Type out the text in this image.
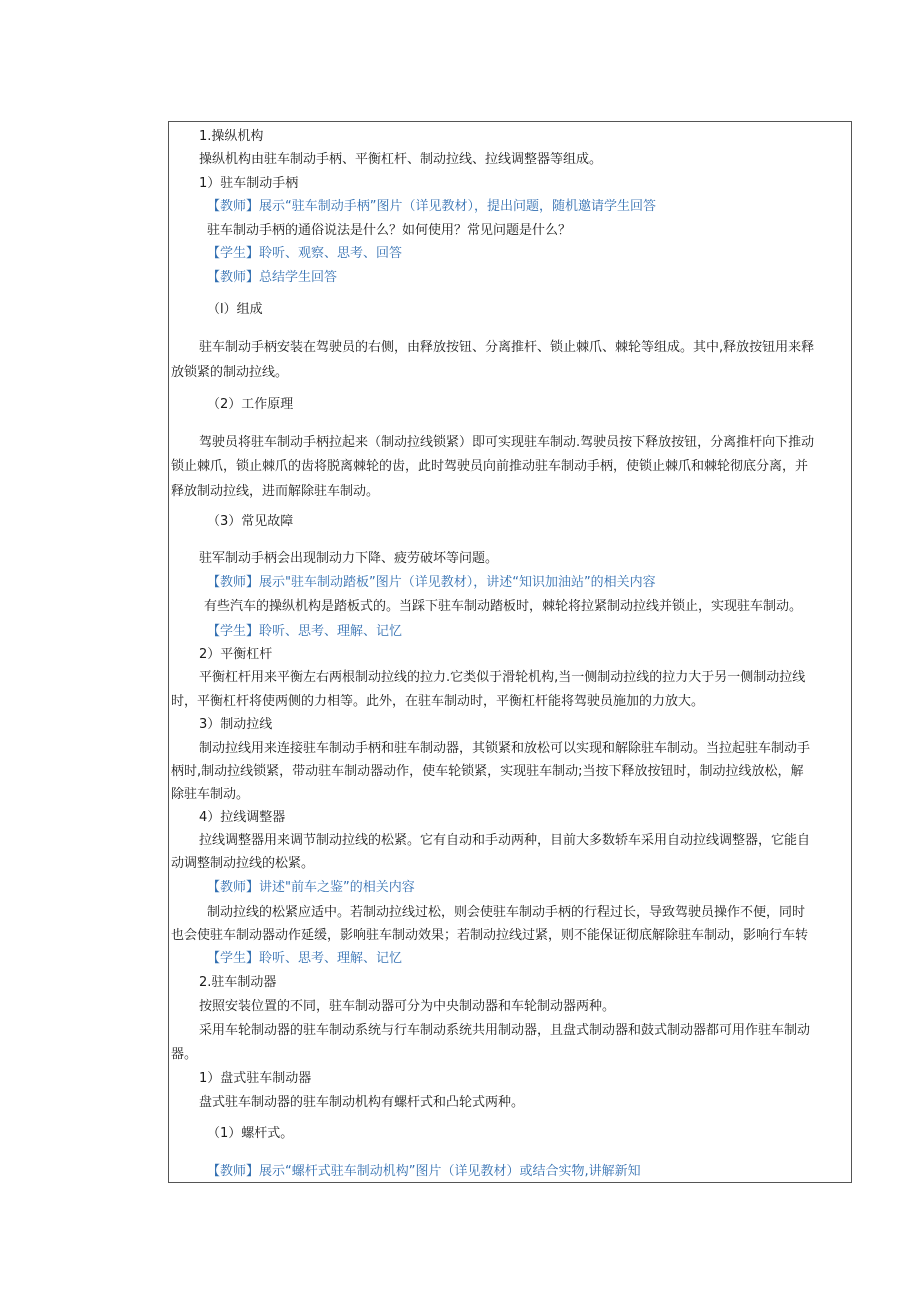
1.操纵机构
操纵机构由驻车制动手柄、平衡杠杆、制动拉线、拉线调整器等组成。
1）驻车制动手柄
【教师】展示“驻车制动手柄”图片（详见教材），提出问题，随机邀请学生回答
驻车制动手柄的通俗说法是什么？如何使用？常见问题是什么？
【学生】聆听、观察、思考、回答
【教师】总结学生回答
（l）组成
驻车制动手柄安装在驾驶员的右侧，由释放按钮、分离推杆、锁止棘爪、棘轮等组成。其中,释放按钮用来释
放锁紧的制动拉线。
（2）工作原理
驾驶员将驻车制动手柄拉起来（制动拉线锁紧）即可实现驻车制动.驾驶员按下释放按钮，分离推杆向下推动
锁止棘爪，锁止棘爪的齿将脱离棘轮的齿，此时驾驶员向前推动驻车制动手柄，使锁止棘爪和棘轮彻底分离，并
释放制动拉线，进而解除驻车制动。
（3）常见故障
驻军制动手柄会出现制动力下降、疲劳破坏等问题。
【教师】展示"驻车制动踏板”图片（详见教材），讲述“知识加油站”的相关内容
有些汽车的操纵机构是踏板式的。当踩下驻车制动踏板时，棘轮将拉紧制动拉线并锁止，实现驻车制动。
【学生】聆听、思考、理解、记忆
2）平衡杠杆
平衡杠杆用来平衡左右两根制动拉线的拉力.它类似于滑轮机构,当一侧制动拉线的拉力大于另一侧制动拉线
时，平衡杠杆将使两侧的力相等。此外，在驻车制动时，平衡杠杆能将驾驶员施加的力放大。
3）制动拉线
制动拉线用来连接驻车制动手柄和驻车制动器，其锁紧和放松可以实现和解除驻车制动。当拉起驻车制动手
柄时,制动拉线锁紧，带动驻车制动器动作，使车轮锁紧，实现驻车制动;当按下释放按钮时，制动拉线放松，解
除驻车制动。
4）拉线调整器
拉线调整器用来调节制动拉线的松紧。它有自动和手动两种，目前大多数轿车采用自动拉线调整器，它能自
动调整制动拉线的松紧。
【教师】讲述"前车之鉴”的相关内容
制动拉线的松紧应适中。若制动拉线过松，则会使驻车制动手柄的行程过长，导致驾驶员操作不便，同时
也会使驻车制动器动作延缓，影响驻车制动效果；若制动拉线过紧，则不能保证彻底解除驻车制动，影响行车转
【学生】聆听、思考、理解、记忆
2.驻车制动器
按照安装位置的不同，驻车制动器可分为中央制动器和车轮制动器两种。
采用车轮制动器的驻车制动系统与行车制动系统共用制动器，且盘式制动器和鼓式制动器都可用作驻车制动
器。
1）盘式驻车制动器
盘式驻车制动器的驻车制动机构有螺杆式和凸轮式两种。
（1）螺杆式。
【教师】展示“螺杆式驻车制动机构”图片（详见教材）或结合实物,讲解新知
